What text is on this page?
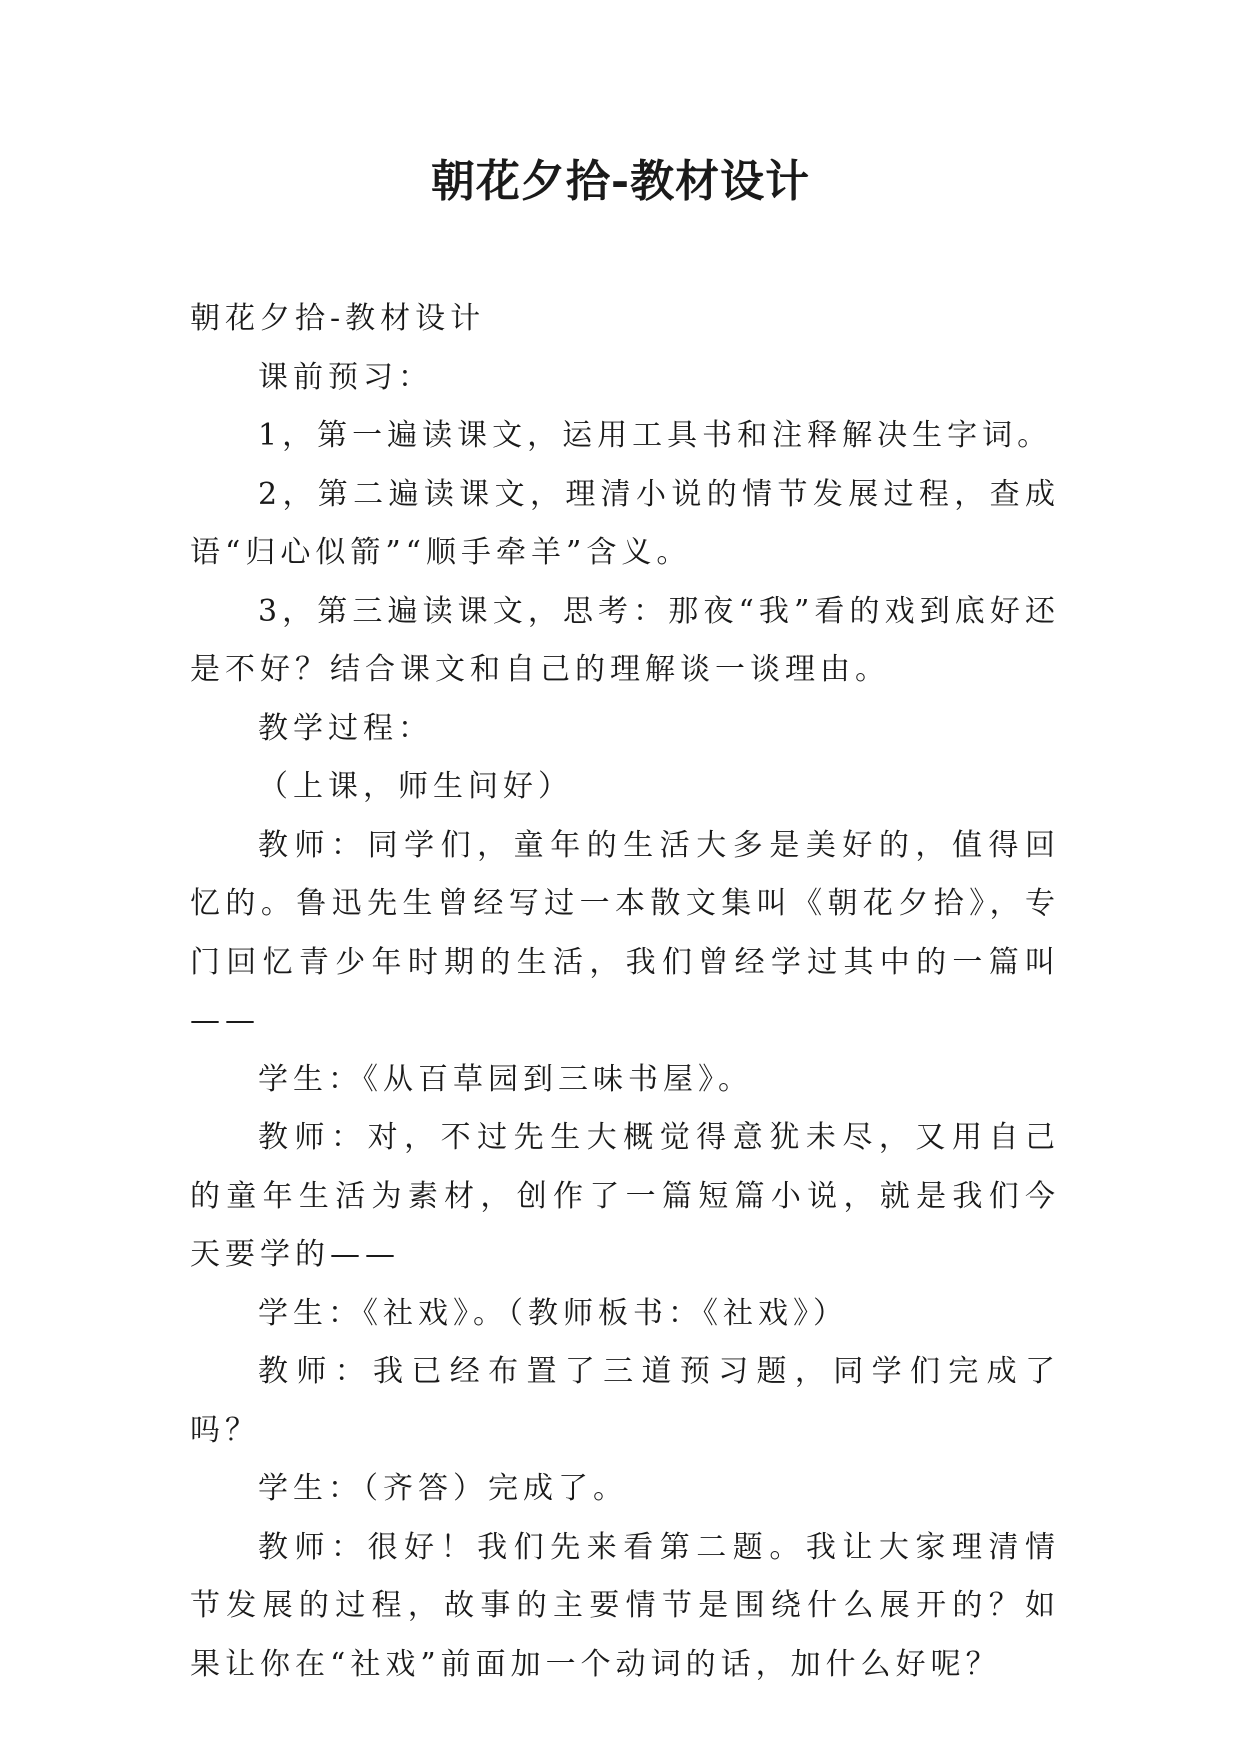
朝花夕拾-教材设计

朝花夕拾-教材设计

课前预习：

1，第一遍读课文，运用工具书和注释解决生字词。

2，第二遍读课文，理清小说的情节发展过程，查成语“归心似箭”“顺手牵羊”含义。

3，第三遍读课文，思考：那夜“我”看的戏到底好还是不好？结合课文和自己的理解谈一谈理由。

教学过程：

（上课，师生问好）

教师：同学们，童年的生活大多是美好的，值得回忆的。鲁迅先生曾经写过一本散文集叫《朝花夕拾》，专门回忆青少年时期的生活，我们曾经学过其中的一篇叫——

学生：《从百草园到三味书屋》。

教师：对，不过先生大概觉得意犹未尽，又用自己的童年生活为素材，创作了一篇短篇小说，就是我们今天要学的——

学生：《社戏》。（教师板书：《社戏》）

教师：我已经布置了三道预习题，同学们完成了吗？

学生：（齐答）完成了。

教师：很好！我们先来看第二题。我让大家理清情节发展的过程，故事的主要情节是围绕什么展开的？如果让你在“社戏”前面加一个动词的话，加什么好呢？
